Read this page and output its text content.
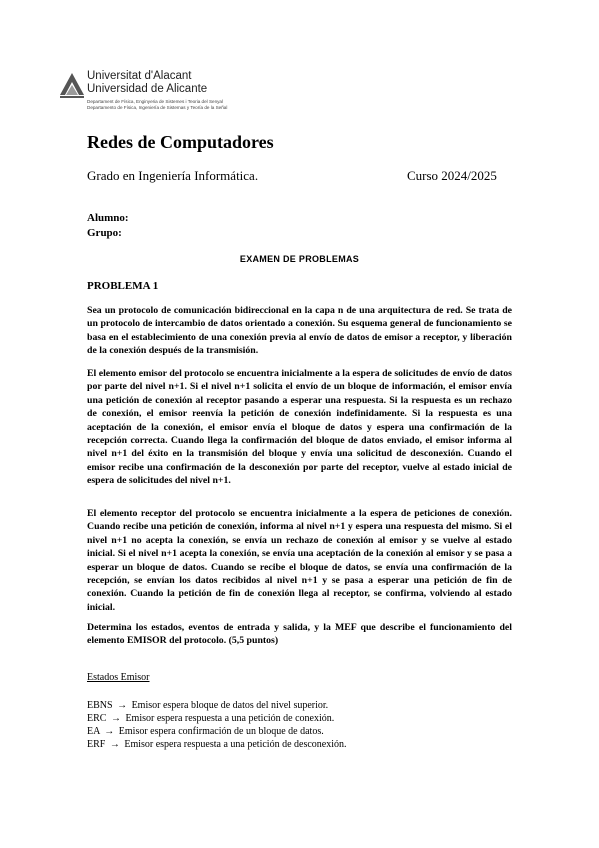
Universitat d'Alacant
Universidad de Alicante
Departament de Física, Enginyeria de Sistemes i Teoria del Senyal
Departamento de Física, Ingeniería de Sistemas y Teoría de la Señal
Redes de Computadores
Grado en Ingeniería Informática.	Curso 2024/2025
Alumno:
Grupo:
EXAMEN DE PROBLEMAS
PROBLEMA 1

Sea un protocolo de comunicación bidireccional en la capa n de una arquitectura de red. Se trata de un protocolo de intercambio de datos orientado a conexión. Su esquema general de funcionamiento se basa en el establecimiento de una conexión previa al envío de datos de emisor a receptor, y liberación de la conexión después de la transmisión.

El elemento emisor del protocolo se encuentra inicialmente a la espera de solicitudes de envío de datos por parte del nivel n+1. Si el nivel n+1 solicita el envío de un bloque de información, el emisor envía una petición de conexión al receptor pasando a esperar una respuesta. Si la respuesta es un rechazo de conexión, el emisor reenvía la petición de conexión indefinidamente. Si la respuesta es una aceptación de la conexión, el emisor envía el bloque de datos y espera una confirmación de la recepción correcta. Cuando llega la confirmación del bloque de datos enviado, el emisor informa al nivel n+1 del éxito en la transmisión del bloque y envía una solicitud de desconexión. Cuando el emisor recibe una confirmación de la desconexión por parte del receptor, vuelve al estado inicial de espera de solicitudes del nivel n+1.

El elemento receptor del protocolo se encuentra inicialmente a la espera de peticiones de conexión. Cuando recibe una petición de conexión, informa al nivel n+1 y espera una respuesta del mismo. Si el nivel n+1 no acepta la conexión, se envía un rechazo de conexión al emisor y se vuelve al estado inicial. Si el nivel n+1 acepta la conexión, se envía una aceptación de la conexión al emisor y se pasa a esperar un bloque de datos. Cuando se recibe el bloque de datos, se envía una confirmación de la recepción, se envían los datos recibidos al nivel n+1 y se pasa a esperar una petición de fin de conexión. Cuando la petición de fin de conexión llega al receptor, se confirma, volviendo al estado inicial.

Determina los estados, eventos de entrada y salida, y la MEF que describe el funcionamiento del elemento EMISOR del protocolo. (5,5 puntos)

Estados Emisor
EBNS → Emisor espera bloque de datos del nivel superior.
ERC → Emisor espera respuesta a una petición de conexión.
EA → Emisor espera confirmación de un bloque de datos.
ERF → Emisor espera respuesta a una petición de desconexión.
